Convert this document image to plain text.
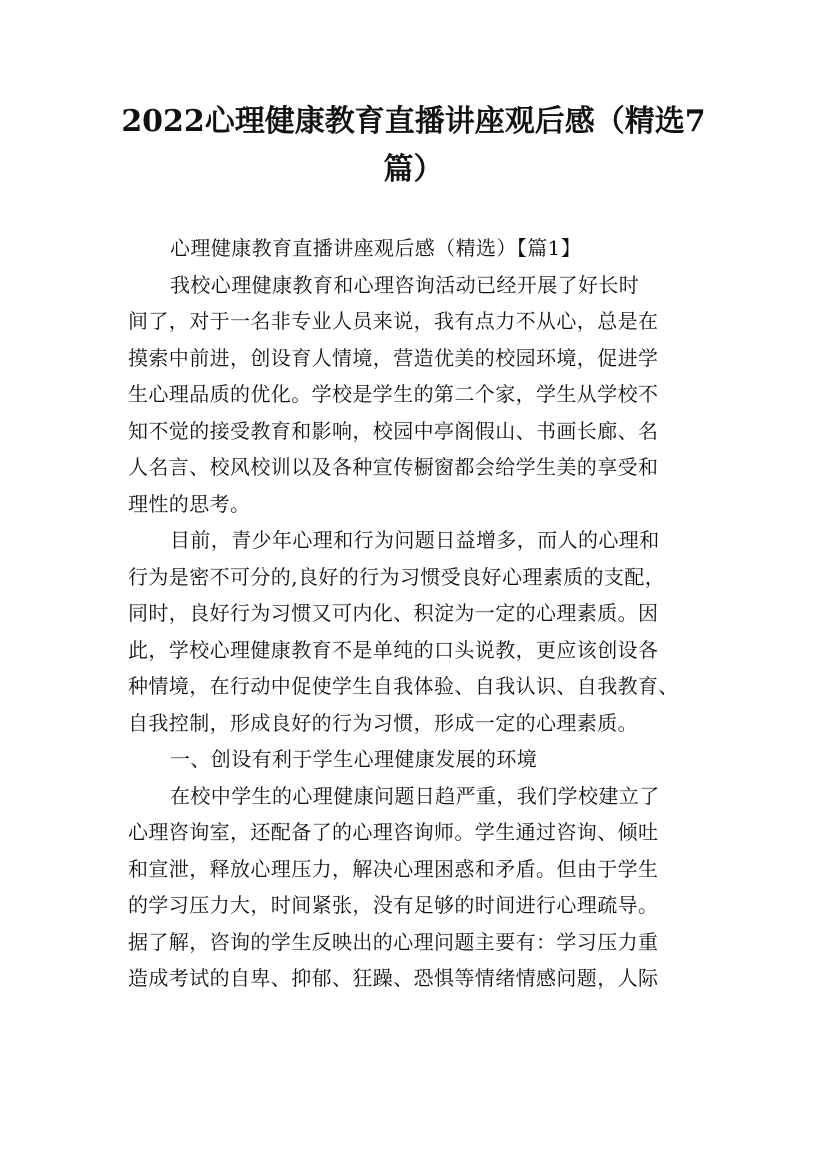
2022心理健康教育直播讲座观后感（精选7篇）
心理健康教育直播讲座观后感（精选）【篇1】
我校心理健康教育和心理咨询活动已经开展了好长时
间了，对于一名非专业人员来说，我有点力不从心，总是在
摸索中前进，创设育人情境，营造优美的校园环境，促进学
生心理品质的优化。学校是学生的第二个家，学生从学校不
知不觉的接受教育和影响，校园中亭阁假山、书画长廊、名
人名言、校风校训以及各种宣传橱窗都会给学生美的享受和
理性的思考。
目前，青少年心理和行为问题日益增多，而人的心理和
行为是密不可分的,良好的行为习惯受良好心理素质的支配，
同时，良好行为习惯又可内化、积淀为一定的心理素质。因
此，学校心理健康教育不是单纯的口头说教，更应该创设各
种情境，在行动中促使学生自我体验、自我认识、自我教育、
自我控制，形成良好的行为习惯，形成一定的心理素质。
一、创设有利于学生心理健康发展的环境
在校中学生的心理健康问题日趋严重，我们学校建立了
心理咨询室，还配备了的心理咨询师。学生通过咨询、倾吐
和宣泄，释放心理压力，解决心理困惑和矛盾。但由于学生
的学习压力大，时间紧张，没有足够的时间进行心理疏导。
据了解，咨询的学生反映出的心理问题主要有：学习压力重
造成考试的自卑、抑郁、狂躁、恐惧等情绪情感问题，人际
